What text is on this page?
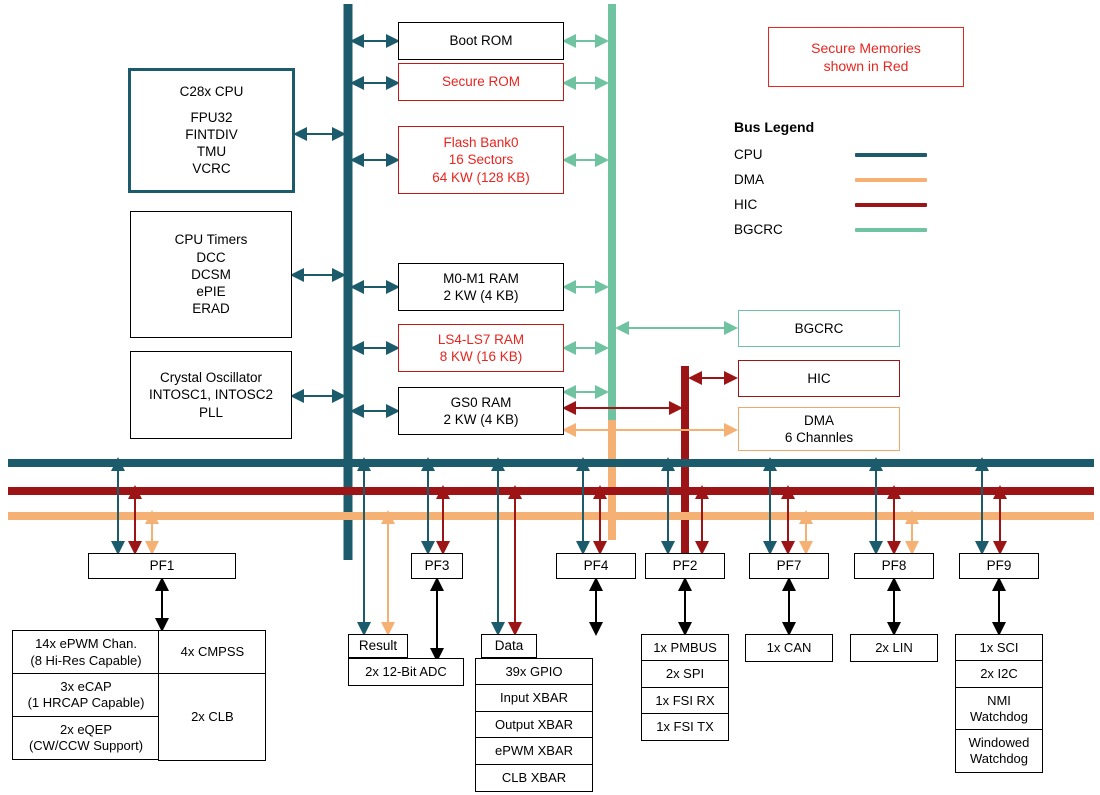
Secure Memories
shown in Red
Bus Legend
CPU
DMA
HIC
BGCRC
C28x CPU
FPU32
FINTDIV
TMU
VCRC
CPU Timers
DCC
DCSM
ePIE
ERAD
Crystal Oscillator
INTOSC1, INTOSC2
PLL
Boot ROM
Secure ROM
Flash Bank0
16 Sectors
64 KW (128 KB)
M0-M1 RAM
2 KW (4 KB)
LS4-LS7 RAM
8 KW (16 KB)
GS0 RAM
2 KW (4 KB)
BGCRC
HIC
DMA
6 Channles
PF1	PF3	PF4	PF2	PF7	PF8	PF9
14x ePWM Chan.
(8 Hi-Res Capable)
3x eCAP
(1 HRCAP Capable)
2x eQEP
(CW/CCW Support)
4x CMPSS
2x CLB
Result
2x 12-Bit ADC
Data
39x GPIO
Input XBAR
Output XBAR
ePWM XBAR
CLB XBAR
1x PMBUS
2x SPI
1x FSI RX
1x FSI TX
1x CAN	2x LIN	1x SCI
2x I2C
NMI
Watchdog
Windowed
Watchdog
